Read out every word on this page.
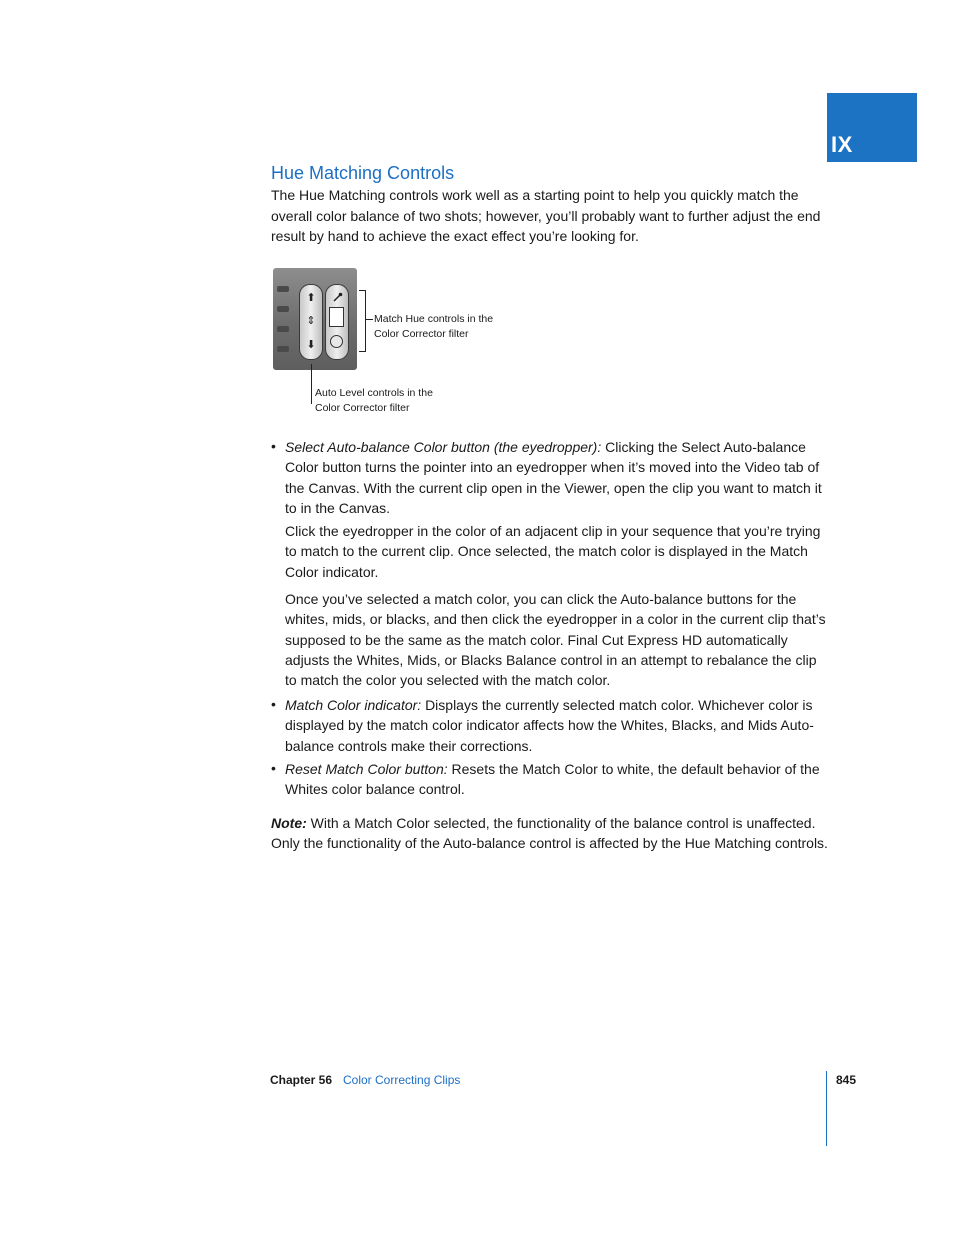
IX
Hue Matching Controls

The Hue Matching controls work well as a starting point to help you quickly match the overall color balance of two shots; however, you’ll probably want to further adjust the end result by hand to achieve the exact effect you’re looking for.

⬆
⇕
⬇

Match Hue controls in the Color Corrector filter

Auto Level controls in the Color Corrector filter

• Select Auto-balance Color button (the eyedropper): Clicking the Select Auto-balance Color button turns the pointer into an eyedropper when it’s moved into the Video tab of the Canvas. With the current clip open in the Viewer, open the clip you want to match it to in the Canvas.

Click the eyedropper in the color of an adjacent clip in your sequence that you’re trying to match to the current clip. Once selected, the match color is displayed in the Match Color indicator.

Once you’ve selected a match color, you can click the Auto-balance buttons for the whites, mids, or blacks, and then click the eyedropper in a color in the current clip that’s supposed to be the same as the match color. Final Cut Express HD automatically adjusts the Whites, Mids, or Blacks Balance control in an attempt to rebalance the clip to match the color you selected with the match color.

• Match Color indicator: Displays the currently selected match color. Whichever color is displayed by the match color indicator affects how the Whites, Blacks, and Mids Auto-balance controls make their corrections.

• Reset Match Color button: Resets the Match Color to white, the default behavior of the Whites color balance control.

Note: With a Match Color selected, the functionality of the balance control is unaffected. Only the functionality of the Auto-balance control is affected by the Hue Matching controls.

Chapter 56 Color Correcting Clips	845
